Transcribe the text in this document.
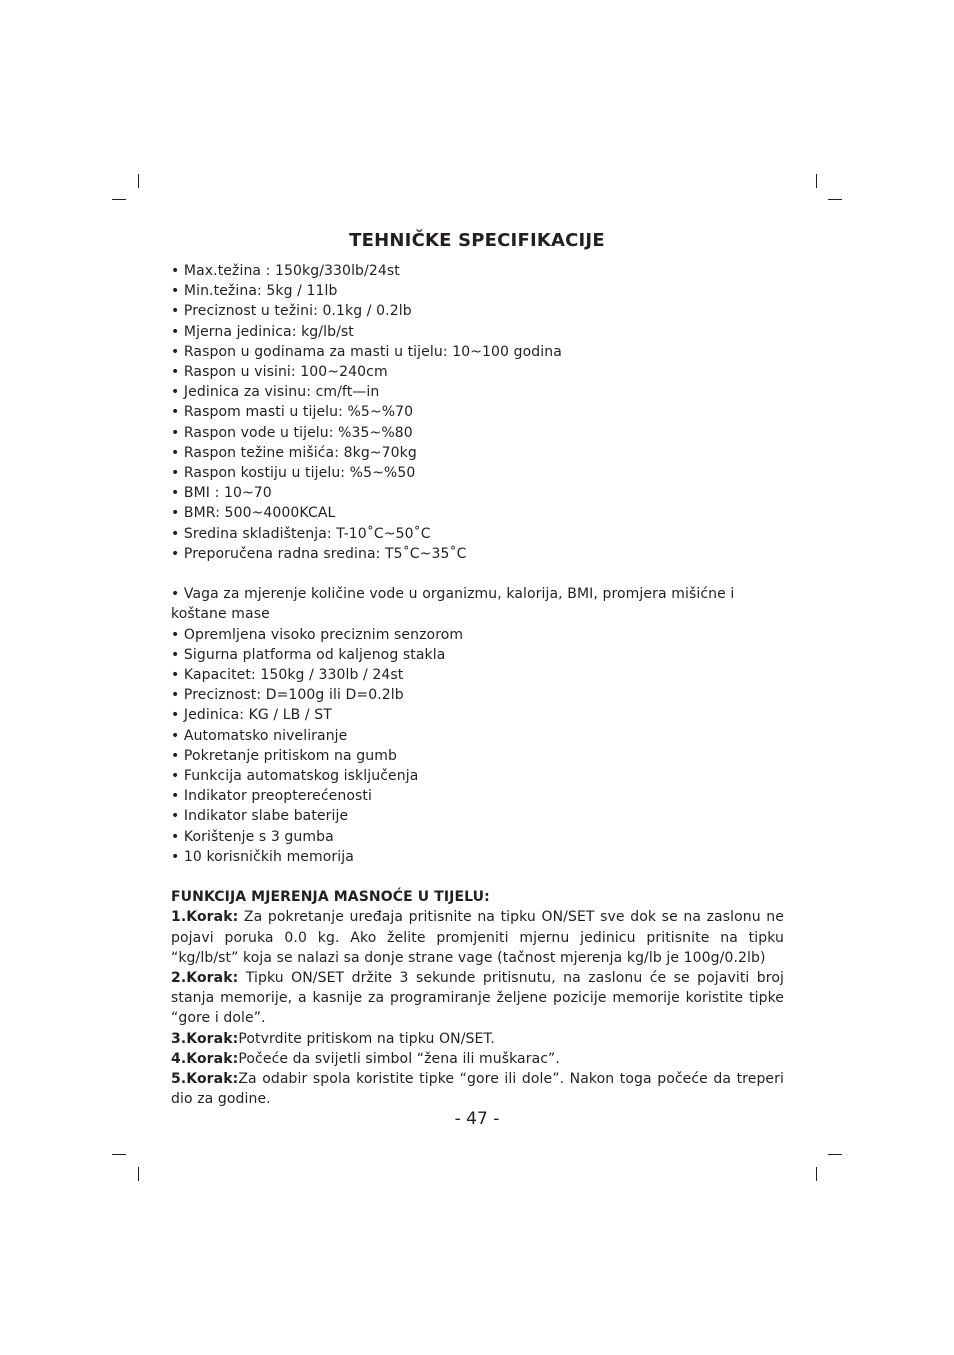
TEHNIČKE SPECIFIKACIJE
• Max.težina : 150kg/330lb/24st
• Min.težina: 5kg / 11lb
• Preciznost u težini: 0.1kg / 0.2lb
• Mjerna jedinica: kg/lb/st
• Raspon u godinama za masti u tijelu: 10~100 godina
• Raspon u visini: 100~240cm
• Jedinica za visinu: cm/ft—in
• Raspom masti u tijelu: %5~%70
• Raspon vode u tijelu: %35~%80
• Raspon težine mišića: 8kg~70kg
• Raspon kostiju u tijelu: %5~%50
• BMI : 10~70
• BMR: 500~4000KCAL
• Sredina skladištenja: T-10˚C~50˚C
• Preporučena radna sredina: T5˚C~35˚C
• Vaga za mjerenje količine vode u organizmu, kalorija, BMI, promjera mišićne i koštane mase
• Opremljena visoko preciznim senzorom
• Sigurna platforma od kaljenog stakla
• Kapacitet: 150kg / 330lb / 24st
• Preciznost: D=100g ili D=0.2lb
• Jedinica: KG / LB / ST
• Automatsko niveliranje
• Pokretanje pritiskom na gumb
• Funkcija automatskog isključenja
• Indikator preopterećenosti
• Indikator slabe baterije
• Korištenje s 3 gumba
• 10 korisničkih memorija
FUNKCIJA MJERENJA MASNOĆE U TIJELU:
1.Korak: Za pokretanje uređaja pritisnite na tipku ON/SET sve dok se na zaslonu ne pojavi poruka 0.0 kg. Ako želite promjeniti mjernu jedinicu pritisnite na tipku “kg/lb/st” koja se nalazi sa donje strane vage (tačnost mjerenja kg/lb je 100g/0.2lb)
2.Korak: Tipku ON/SET držite 3 sekunde pritisnutu, na zaslonu će se pojaviti broj stanja memorije, a kasnije za programiranje željene pozicije memorije koristite tipke “gore i dole”.
3.Korak:Potvrdite pritiskom na tipku ON/SET.
4.Korak:Počeće da svijetli simbol “žena ili muškarac”.
5.Korak:Za odabir spola koristite tipke “gore ili dole”. Nakon toga počeće da treperi dio za godine.
- 47 -
